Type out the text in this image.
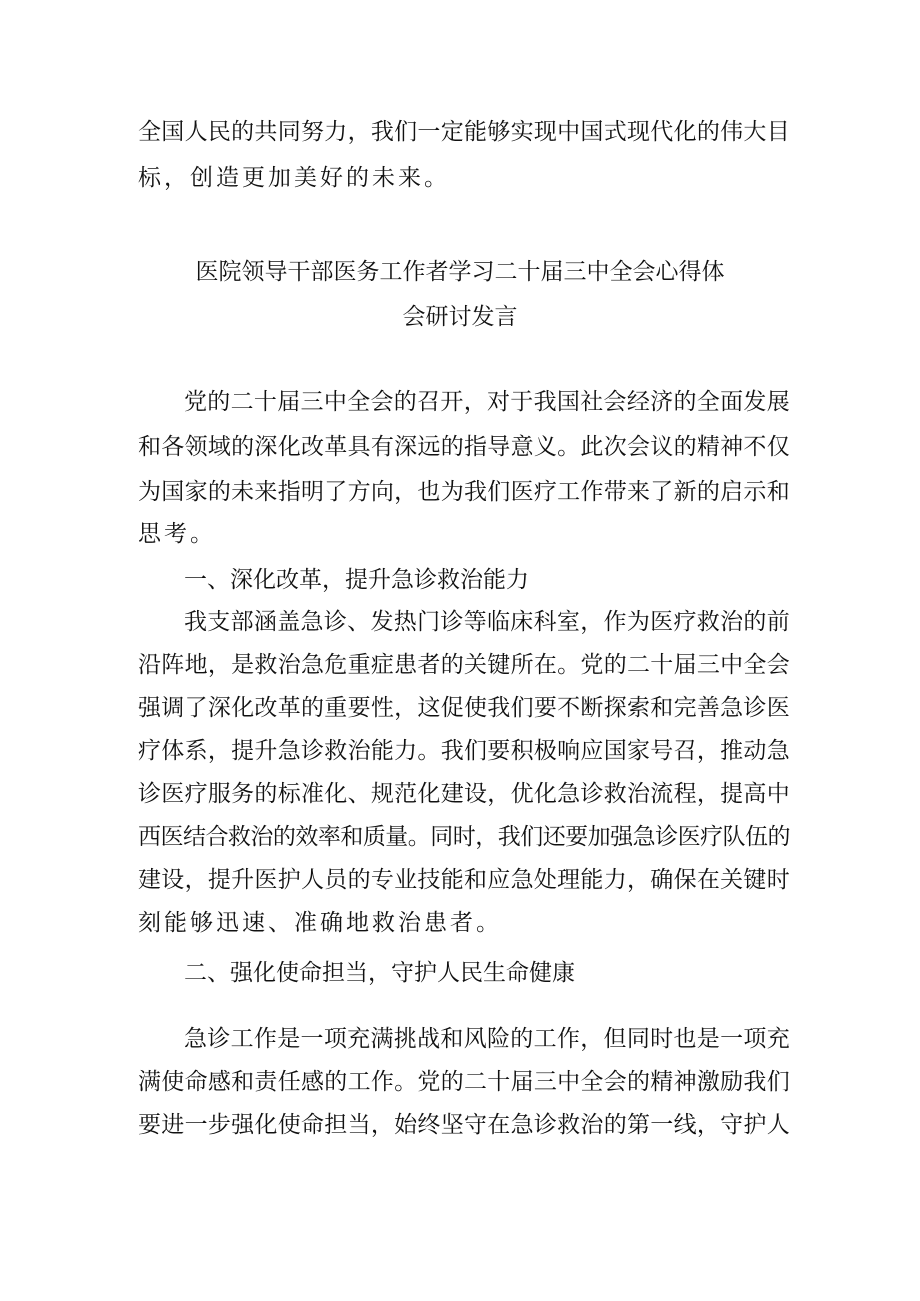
全国人民的共同努力，我们一定能够实现中国式现代化的伟大目
标，创造更加美好的未来。
医院领导干部医务工作者学习二十届三中全会心得体
会研讨发言
党的二十届三中全会的召开，对于我国社会经济的全面发展
和各领域的深化改革具有深远的指导意义。此次会议的精神不仅
为国家的未来指明了方向，也为我们医疗工作带来了新的启示和
思考。
一、深化改革，提升急诊救治能力
我支部涵盖急诊、发热门诊等临床科室，作为医疗救治的前
沿阵地，是救治急危重症患者的关键所在。党的二十届三中全会
强调了深化改革的重要性，这促使我们要不断探索和完善急诊医
疗体系，提升急诊救治能力。我们要积极响应国家号召，推动急
诊医疗服务的标准化、规范化建设，优化急诊救治流程，提高中
西医结合救治的效率和质量。同时，我们还要加强急诊医疗队伍的
建设，提升医护人员的专业技能和应急处理能力，确保在关键时
刻能够迅速、准确地救治患者。
二、强化使命担当，守护人民生命健康
急诊工作是一项充满挑战和风险的工作，但同时也是一项充
满使命感和责任感的工作。党的二十届三中全会的精神激励我们
要进一步强化使命担当，始终坚守在急诊救治的第一线，守护人
